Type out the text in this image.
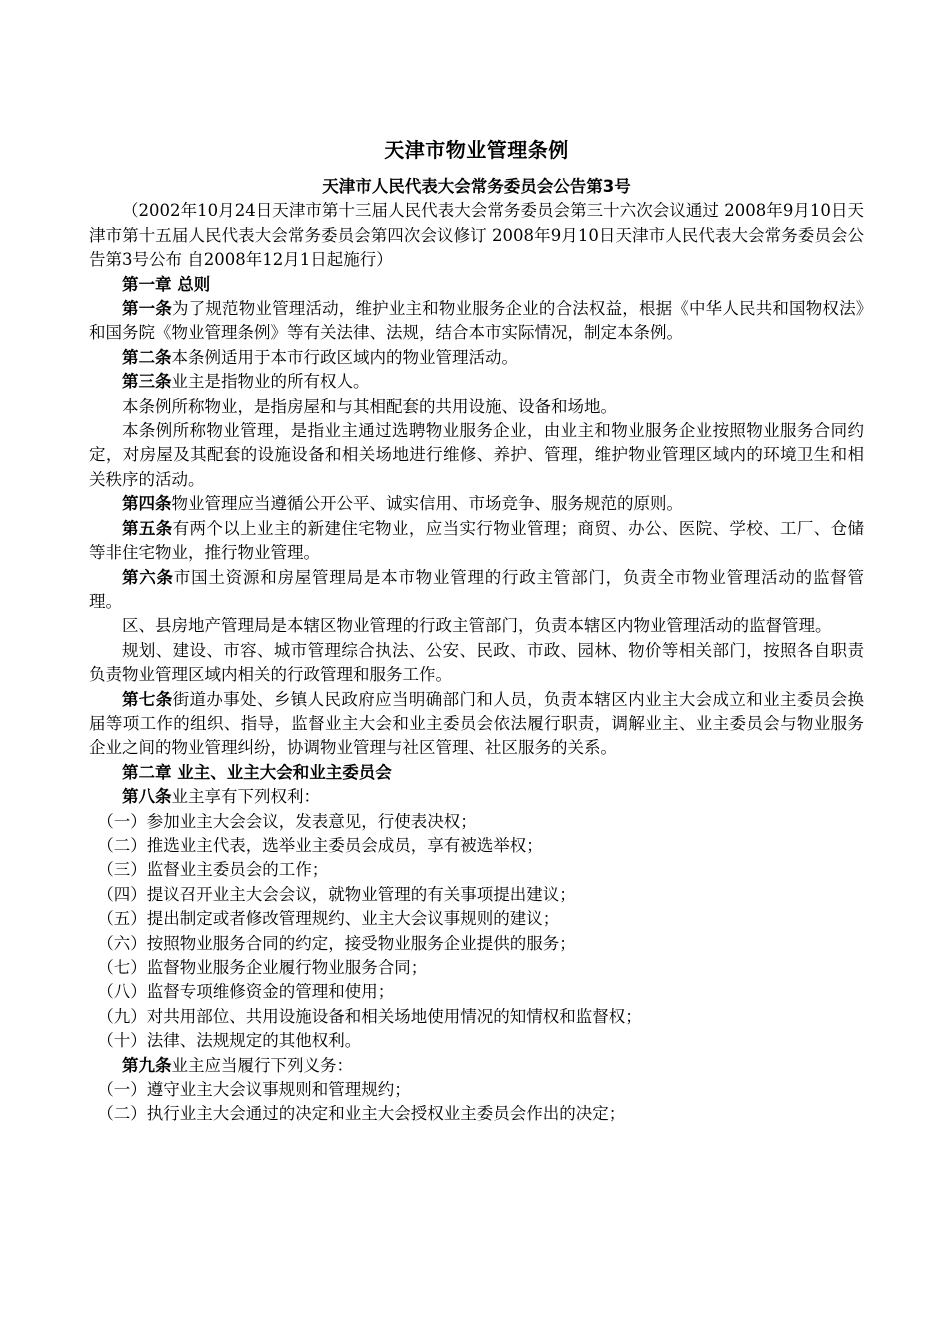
天津市物业管理条例
天津市人民代表大会常务委员会公告第3号

（2002年10月24日天津市第十三届人民代表大会常务委员会第三十六次会议通过 2008年9月10日天津市第十五届人民代表大会常务委员会第四次会议修订 2008年9月10日天津市人民代表大会常务委员会公告第3号公布 自2008年12月1日起施行）

第一章 总则

第一条为了规范物业管理活动，维护业主和物业服务企业的合法权益，根据《中华人民共和国物权法》和国务院《物业管理条例》等有关法律、法规，结合本市实际情况，制定本条例。

第二条本条例适用于本市行政区域内的物业管理活动。

第三条业主是指物业的所有权人。

本条例所称物业，是指房屋和与其相配套的共用设施、设备和场地。

本条例所称物业管理，是指业主通过选聘物业服务企业，由业主和物业服务企业按照物业服务合同约定，对房屋及其配套的设施设备和相关场地进行维修、养护、管理，维护物业管理区域内的环境卫生和相关秩序的活动。

第四条物业管理应当遵循公开公平、诚实信用、市场竞争、服务规范的原则。

第五条有两个以上业主的新建住宅物业，应当实行物业管理；商贸、办公、医院、学校、工厂、仓储等非住宅物业，推行物业管理。

第六条市国土资源和房屋管理局是本市物业管理的行政主管部门，负责全市物业管理活动的监督管理。

区、县房地产管理局是本辖区物业管理的行政主管部门，负责本辖区内物业管理活动的监督管理。

规划、建设、市容、城市管理综合执法、公安、民政、市政、园林、物价等相关部门，按照各自职责负责物业管理区域内相关的行政管理和服务工作。

第七条街道办事处、乡镇人民政府应当明确部门和人员，负责本辖区内业主大会成立和业主委员会换届等项工作的组织、指导，监督业主大会和业主委员会依法履行职责，调解业主、业主委员会与物业服务企业之间的物业管理纠纷，协调物业管理与社区管理、社区服务的关系。

第二章 业主、业主大会和业主委员会

第八条业主享有下列权利：

（一）参加业主大会会议，发表意见，行使表决权；

（二）推选业主代表，选举业主委员会成员，享有被选举权；

（三）监督业主委员会的工作；

（四）提议召开业主大会会议，就物业管理的有关事项提出建议；

（五）提出制定或者修改管理规约、业主大会议事规则的建议；

（六）按照物业服务合同的约定，接受物业服务企业提供的服务；

（七）监督物业服务企业履行物业服务合同；

（八）监督专项维修资金的管理和使用；

（九）对共用部位、共用设施设备和相关场地使用情况的知情权和监督权；

（十）法律、法规规定的其他权利。

第九条业主应当履行下列义务：

（一）遵守业主大会议事规则和管理规约；

（二）执行业主大会通过的决定和业主大会授权业主委员会作出的决定；
